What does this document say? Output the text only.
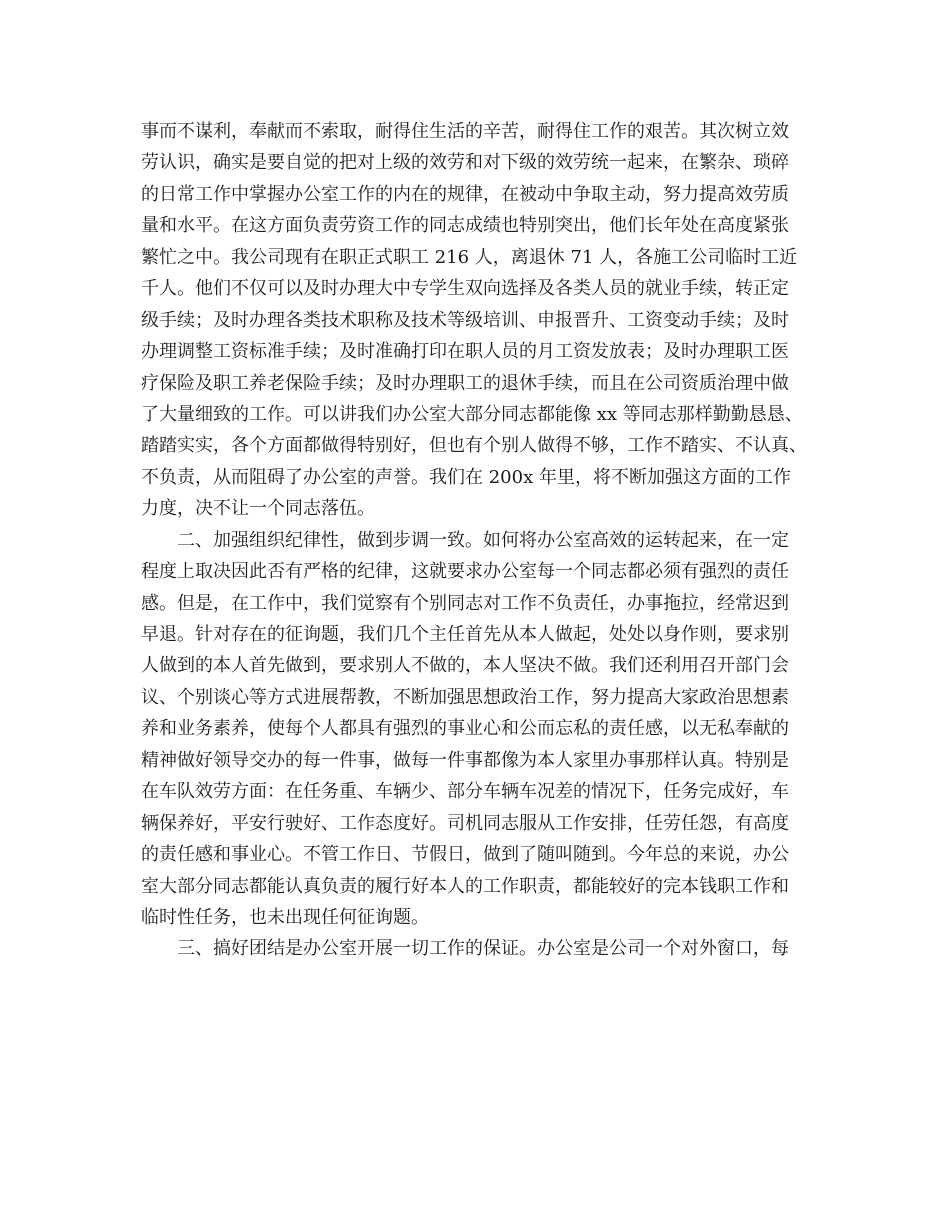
事而不谋利，奉献而不索取，耐得住生活的辛苦，耐得住工作的艰苦。其次树立效
劳认识，确实是要自觉的把对上级的效劳和对下级的效劳统一起来，在繁杂、琐碎
的日常工作中掌握办公室工作的内在的规律，在被动中争取主动，努力提高效劳质
量和水平。在这方面负责劳资工作的同志成绩也特别突出，他们长年处在高度紧张
繁忙之中。我公司现有在职正式职工 216 人，离退休 71 人，各施工公司临时工近
千人。他们不仅可以及时办理大中专学生双向选择及各类人员的就业手续，转正定
级手续；及时办理各类技术职称及技术等级培训、申报晋升、工资变动手续；及时
办理调整工资标准手续；及时准确打印在职人员的月工资发放表；及时办理职工医
疗保险及职工养老保险手续；及时办理职工的退休手续，而且在公司资质治理中做
了大量细致的工作。可以讲我们办公室大部分同志都能像 xx 等同志那样勤勤恳恳、
踏踏实实，各个方面都做得特别好，但也有个别人做得不够，工作不踏实、不认真、
不负责，从而阻碍了办公室的声誉。我们在 200x 年里，将不断加强这方面的工作
力度，决不让一个同志落伍。
二、加强组织纪律性，做到步调一致。如何将办公室高效的运转起来，在一定
程度上取决因此否有严格的纪律，这就要求办公室每一个同志都必须有强烈的责任
感。但是，在工作中，我们觉察有个别同志对工作不负责任，办事拖拉，经常迟到
早退。针对存在的征询题，我们几个主任首先从本人做起，处处以身作则，要求别
人做到的本人首先做到，要求别人不做的，本人坚决不做。我们还利用召开部门会
议、个别谈心等方式进展帮教，不断加强思想政治工作，努力提高大家政治思想素
养和业务素养，使每个人都具有强烈的事业心和公而忘私的责任感，以无私奉献的
精神做好领导交办的每一件事，做每一件事都像为本人家里办事那样认真。特别是
在车队效劳方面：在任务重、车辆少、部分车辆车况差的情况下，任务完成好，车
辆保养好，平安行驶好、工作态度好。司机同志服从工作安排，任劳任怨，有高度
的责任感和事业心。不管工作日、节假日，做到了随叫随到。今年总的来说，办公
室大部分同志都能认真负责的履行好本人的工作职责，都能较好的完本钱职工作和
临时性任务，也未出现任何征询题。
三、搞好团结是办公室开展一切工作的保证。办公室是公司一个对外窗口，每
